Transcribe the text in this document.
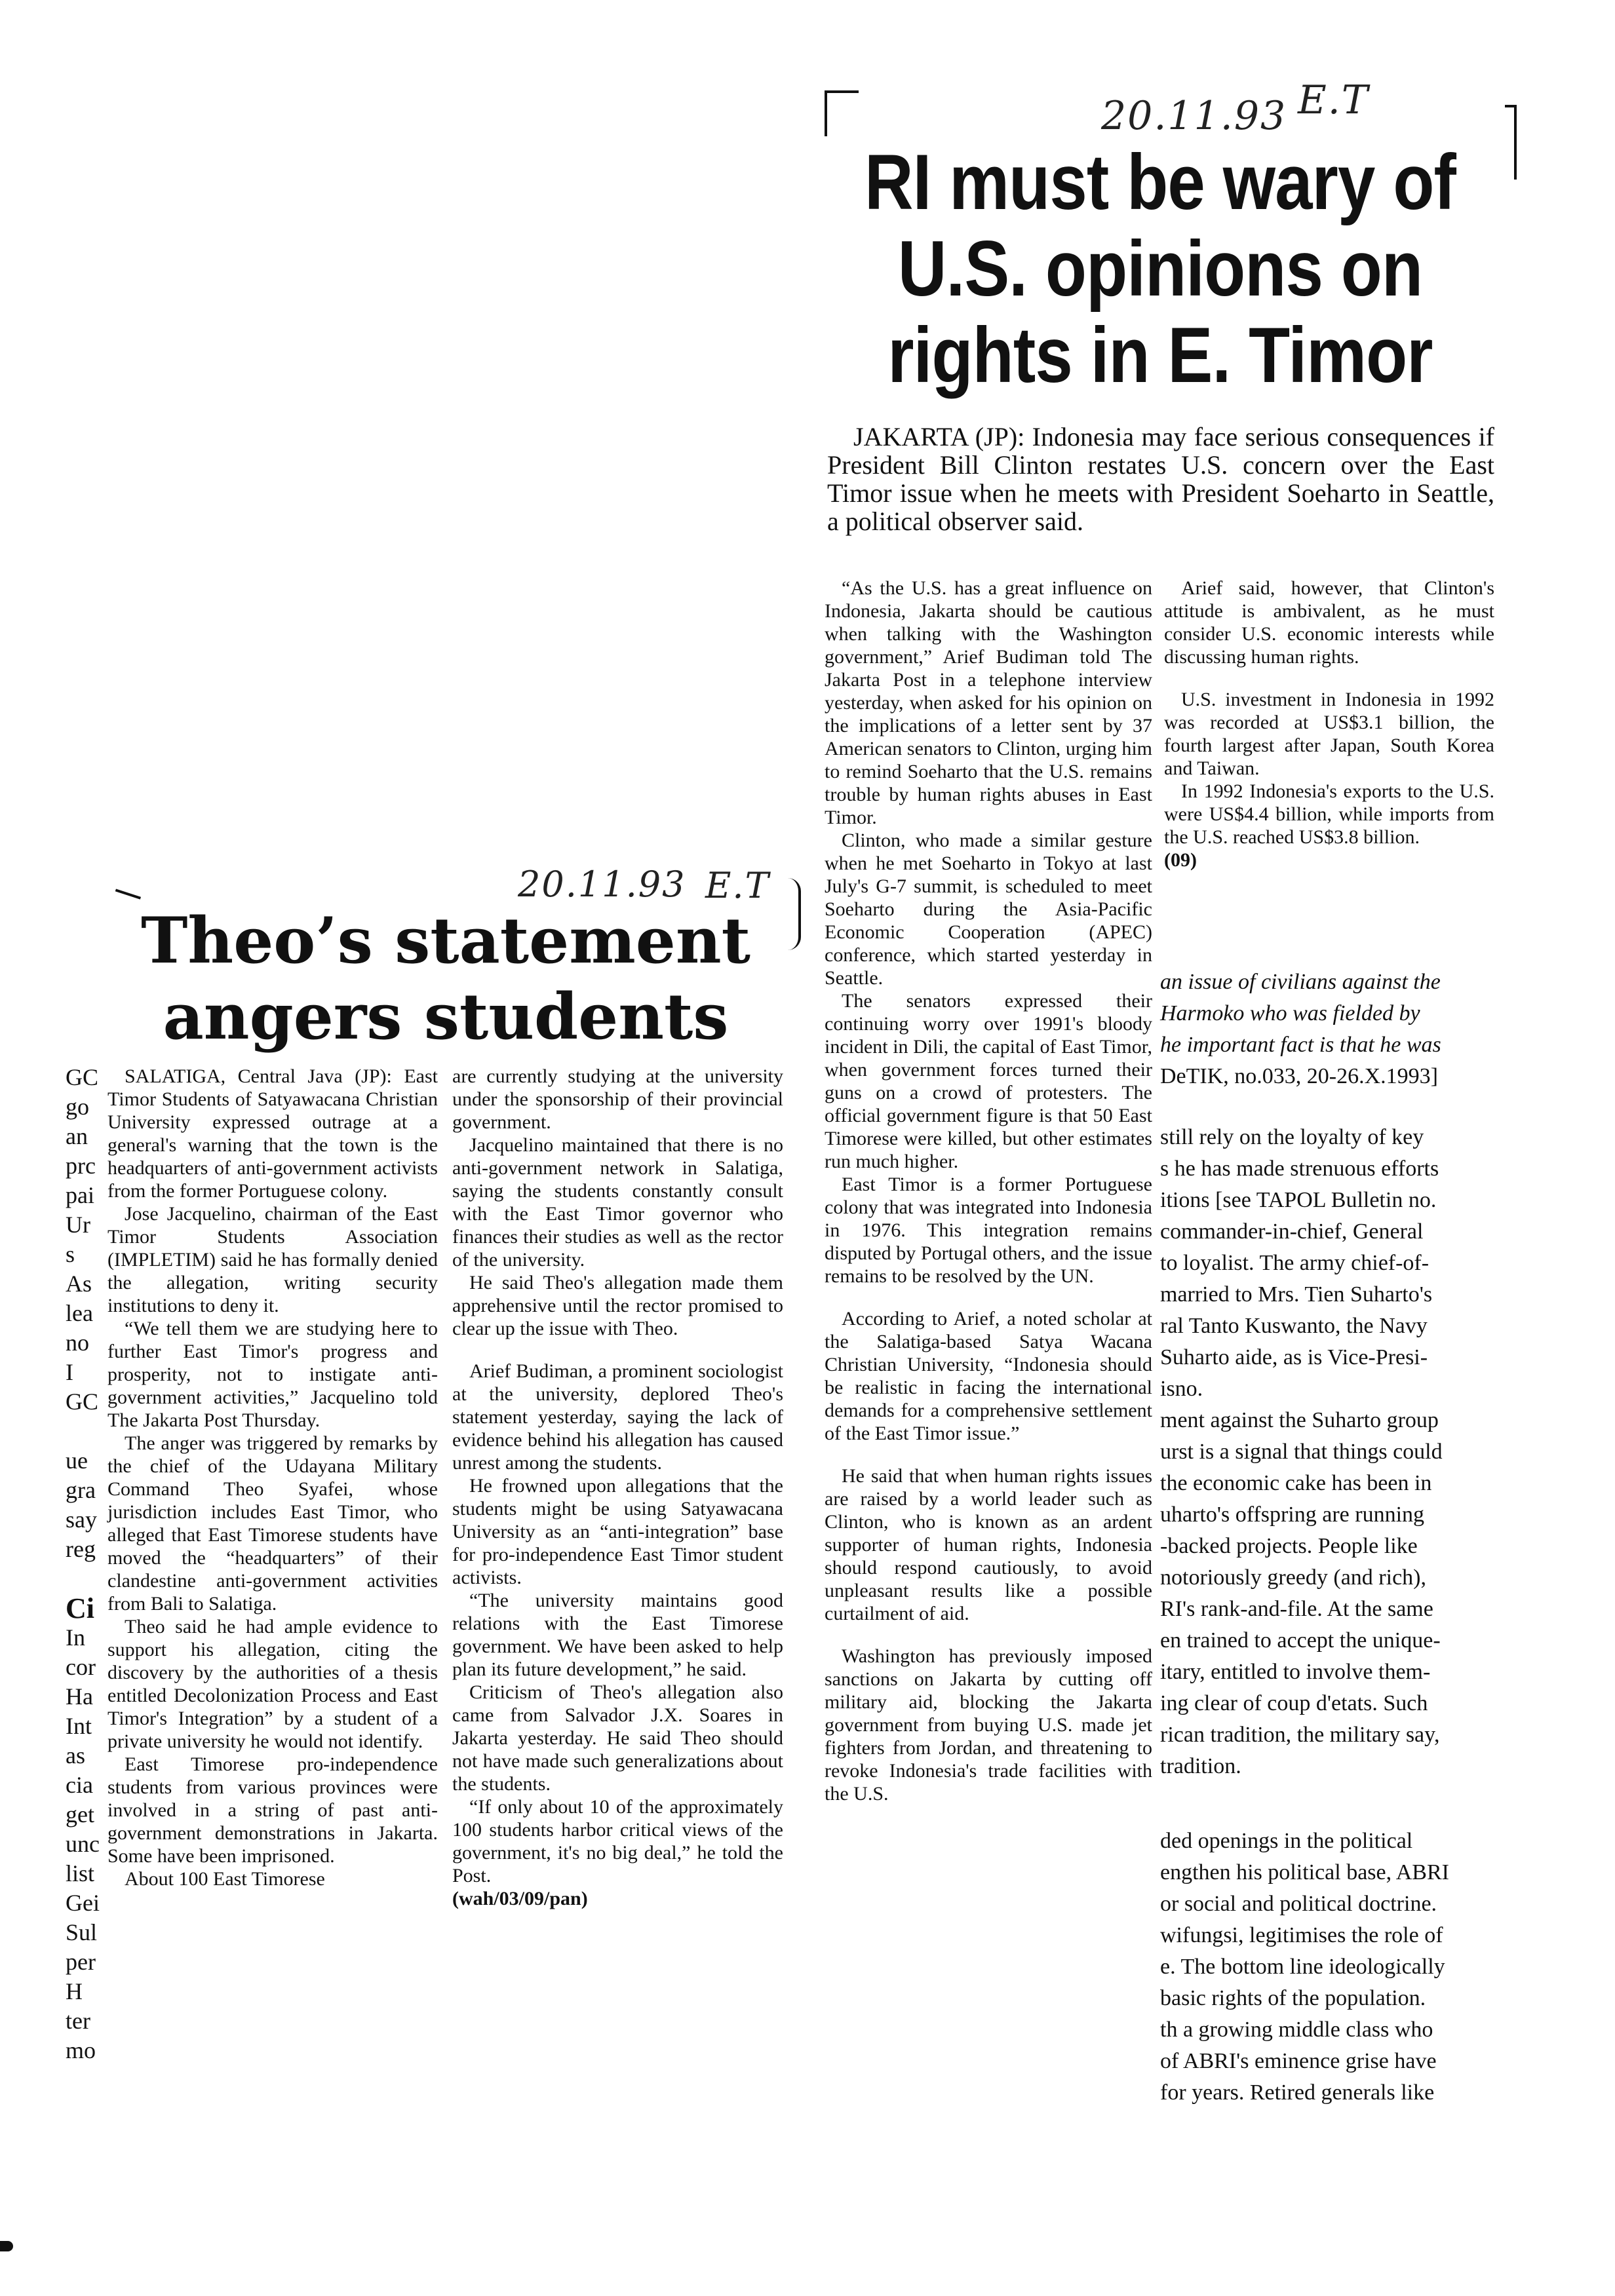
20.11.93 E.T
RI must be wary of
U.S. opinions on
rights in E. Timor

JAKARTA (JP): Indonesia may face serious consequences if President Bill Clinton restates U.S. concern over the East Timor issue when he meets with President Soeharto in Seattle, a political observer said.

“As the U.S. has a great influence on Indonesia, Jakarta should be cautious when talking with the Washington government,” Arief Budiman told The Jakarta Post in a telephone interview yesterday, when asked for his opinion on the implications of a letter sent by 37 American senators to Clinton, urging him to remind Soeharto that the U.S. remains trouble by human rights abuses in East Timor.

Clinton, who made a similar gesture when he met Soeharto in Tokyo at last July's G-7 summit, is scheduled to meet Soeharto during the Asia-Pacific Economic Cooperation (APEC) conference, which started yesterday in Seattle.

The senators expressed their continuing worry over 1991's bloody incident in Dili, the capital of East Timor, when government forces turned their guns on a crowd of protesters. The official government figure is that 50 East Timorese were killed, but other estimates run much higher.

East Timor is a former Portuguese colony that was integrated into Indonesia in 1976. This integration remains disputed by Portugal others, and the issue remains to be resolved by the UN.

According to Arief, a noted scholar at the Salatiga-based Satya Wacana Christian University, “Indonesia should be realistic in facing the international demands for a comprehensive settlement of the East Timor issue.”

He said that when human rights issues are raised by a world leader such as Clinton, who is known as an ardent supporter of human rights, Indonesia should respond cautiously, to avoid unpleasant results like a possible curtailment of aid.

Washington has previously imposed sanctions on Jakarta by cutting off military aid, blocking the Jakarta government from buying U.S. made jet fighters from Jordan, and threatening to revoke Indonesia's trade facilities with the U.S.

Arief said, however, that Clinton's attitude is ambivalent, as he must consider U.S. economic interests while discussing human rights.

U.S. investment in Indonesia in 1992 was recorded at US$3.1 billion, the fourth largest after Japan, South Korea and Taiwan.

In 1992 Indonesia's exports to the U.S. were US$4.4 billion, while imports from the U.S. reached US$3.8 billion.

(09)

an issue of civilians against the

Harmoko who was fielded by

he important fact is that he was

DeTIK, no.033, 20-26.X.1993]

still rely on the loyalty of key

s he has made strenuous efforts

itions [see TAPOL Bulletin no.

commander-in-chief, General

to loyalist. The army chief-of-

married to Mrs. Tien Suharto's

ral Tanto Kuswanto, the Navy

Suharto aide, as is Vice-Presi-

isno.

ment against the Suharto group

urst is a signal that things could

the economic cake has been in

uharto's offspring are running

-backed projects. People like

notoriously greedy (and rich),

RI's rank-and-file. At the same

en trained to accept the unique-

itary, entitled to involve them-

ing clear of coup d'etats. Such

rican tradition, the military say,

tradition.

ded openings in the political

engthen his political base, ABRI

or social and political doctrine.

wifungsi, legitimises the role of

e. The bottom line ideologically

basic rights of the population.

th a growing middle class who

of ABRI's eminence grise have

for years. Retired generals like

20.11.93 E.T
Theo’s statement
angers students

GC

go

an

prc

pai

Ur

s

As

lea

no

I

GC

ue

gra

say

reg

Ci

In

cor

Ha

Int

as

cia

get

unc

list

Gei

Sul

per

H

ter

mo

SALATIGA, Central Java (JP): East Timor Students of Satyawacana Christian University expressed outrage at a general's warning that the town is the headquarters of anti-government activists from the former Portuguese colony.

Jose Jacquelino, chairman of the East Timor Students Association (IMPLETIM) said he has formally denied the allegation, writing security institutions to deny it.

“We tell them we are studying here to further East Timor's progress and prosperity, not to instigate anti-government activities,” Jacquelino told The Jakarta Post Thursday.

The anger was triggered by remarks by the chief of the Udayana Military Command Theo Syafei, whose jurisdiction includes East Timor, who alleged that East Timorese students have moved the “headquarters” of their clandestine anti-government activities from Bali to Salatiga.

Theo said he had ample evidence to support his allegation, citing the discovery by the authorities of a thesis entitled Decolonization Process and East Timor's Integration” by a student of a private university he would not identify.

East Timorese pro-independence students from various provinces were involved in a string of past anti-government demonstrations in Jakarta. Some have been imprisoned.

About 100 East Timorese

are currently studying at the university under the sponsorship of their provincial government.

Jacquelino maintained that there is no anti-government network in Salatiga, saying the students constantly consult with the East Timor governor who finances their studies as well as the rector of the university.

He said Theo's allegation made them apprehensive until the rector promised to clear up the issue with Theo.

Arief Budiman, a prominent sociologist at the university, deplored Theo's statement yesterday, saying the lack of evidence behind his allegation has caused unrest among the students.

He frowned upon allegations that the students might be using Satyawacana University as an “anti-integration” base for pro-independence East Timor student activists.

“The university maintains good relations with the East Timorese government. We have been asked to help plan its future development,” he said.

Criticism of Theo's allegation also came from Salvador J.X. Soares in Jakarta yesterday. He said Theo should not have made such generalizations about the students.

“If only about 10 of the approximately 100 students harbor critical views of the government, it's no big deal,” he told the Post.

(wah/03/09/pan)
